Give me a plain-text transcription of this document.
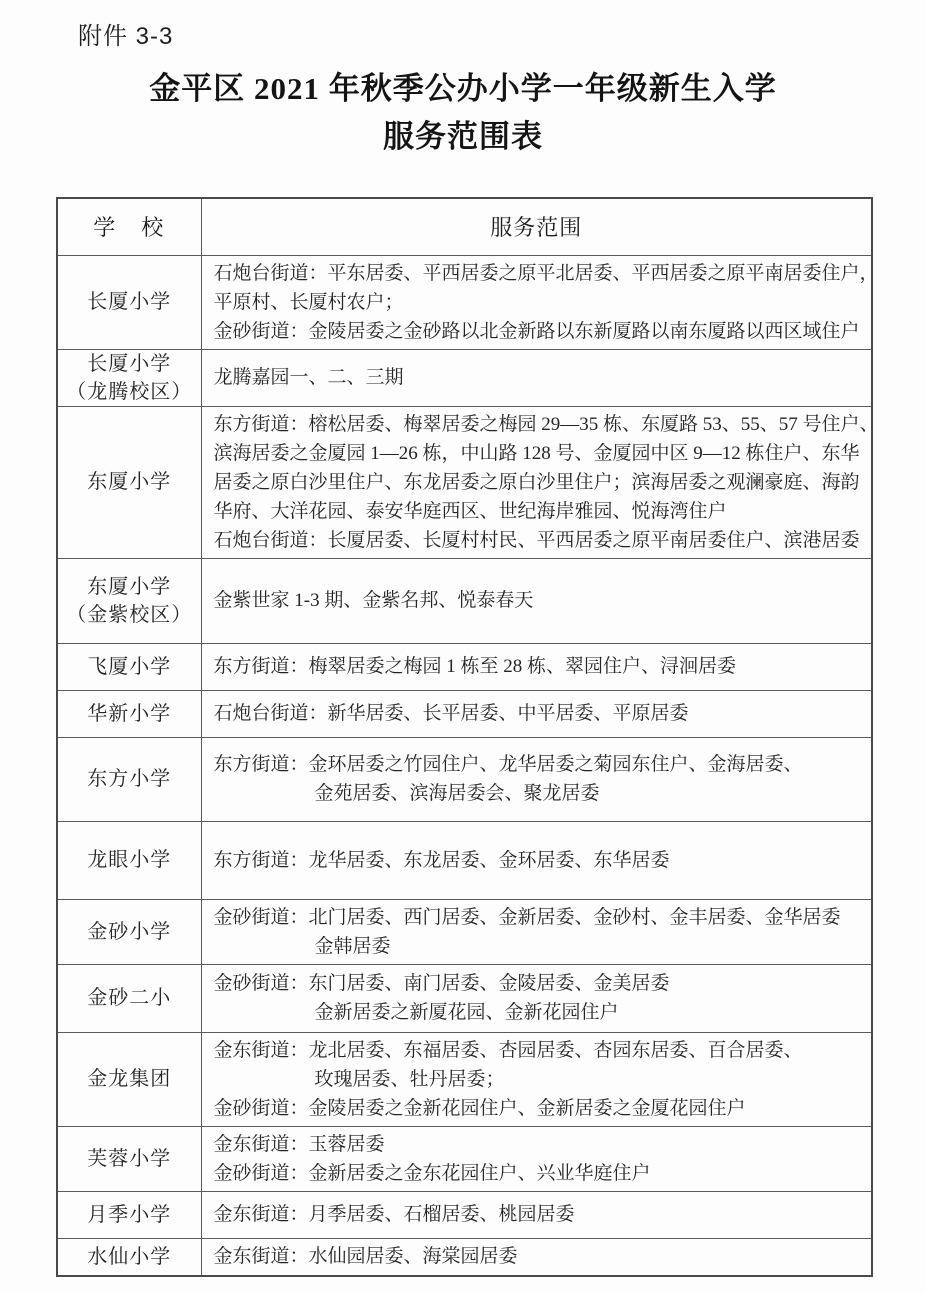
附件 3-3
金平区 2021 年秋季公办小学一年级新生入学
服务范围表
学　校	服务范围
长厦小学	石炮台街道：平东居委、平西居委之原平北居委、平西居委之原平南居委住户，
平原村、长厦村农户；
金砂街道：金陵居委之金砂路以北金新路以东新厦路以南东厦路以西区域住户

长厦小学
（龙腾校区）	龙腾嘉园一、二、三期

东厦小学	东方街道：榕松居委、梅翠居委之梅园 29—35 栋、东厦路 53、55、57 号住户、
滨海居委之金厦园 1—26 栋，中山路 128 号、金厦园中区 9—12 栋住户、东华
居委之原白沙里住户、东龙居委之原白沙里住户；滨海居委之观澜豪庭、海韵
华府、大洋花园、泰安华庭西区、世纪海岸雅园、悦海湾住户
石炮台街道：长厦居委、长厦村村民、平西居委之原平南居委住户、滨港居委

东厦小学
（金紫校区）	金紫世家 1-3 期、金紫名邦、悦泰春天

飞厦小学	东方街道：梅翠居委之梅园 1 栋至 28 栋、翠园住户、浔洄居委

华新小学	石炮台街道：新华居委、长平居委、中平居委、平原居委

东方小学	东方街道：金环居委之竹园住户、龙华居委之菊园东住户、金海居委、
金苑居委、滨海居委会、聚龙居委

龙眼小学	东方街道：龙华居委、东龙居委、金环居委、东华居委

金砂小学	金砂街道：北门居委、西门居委、金新居委、金砂村、金丰居委、金华居委
金韩居委

金砂二小	金砂街道：东门居委、南门居委、金陵居委、金美居委
金新居委之新厦花园、金新花园住户

金龙集团	金东街道：龙北居委、东福居委、杏园居委、杏园东居委、百合居委、
玫瑰居委、牡丹居委；
金砂街道：金陵居委之金新花园住户、金新居委之金厦花园住户

芙蓉小学	金东街道：玉蓉居委
金砂街道：金新居委之金东花园住户、兴业华庭住户

月季小学	金东街道：月季居委、石榴居委、桃园居委

水仙小学	金东街道：水仙园居委、海棠园居委
